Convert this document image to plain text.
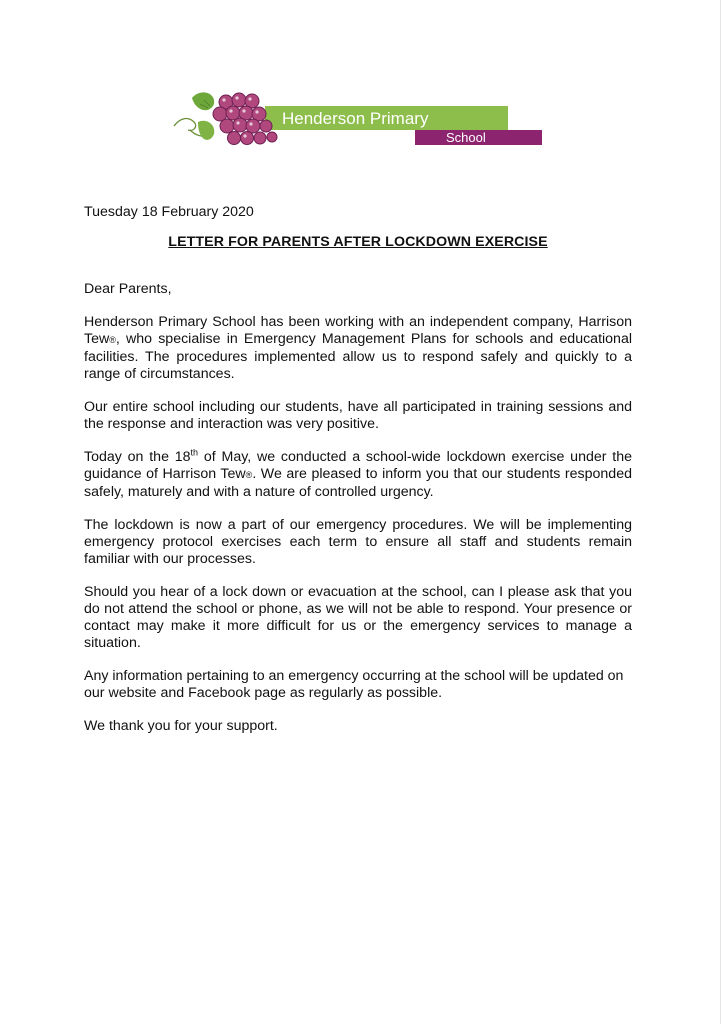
Henderson Primary
School
Tuesday 18 February 2020
LETTER FOR PARENTS AFTER LOCKDOWN EXERCISE
Dear Parents,

Henderson Primary School has been working with an independent company, Harrison Tew®, who specialise in Emergency Management Plans for schools and educational facilities. The procedures implemented allow us to respond safely and quickly to a range of circumstances.

Our entire school including our students, have all participated in training sessions and the response and interaction was very positive.

Today on the 18th of May, we conducted a school-wide lockdown exercise under the guidance of Harrison Tew®. We are pleased to inform you that our students responded safely, maturely and with a nature of controlled urgency.

The lockdown is now a part of our emergency procedures. We will be implementing emergency protocol exercises each term to ensure all staff and students remain familiar with our processes.

Should you hear of a lock down or evacuation at the school, can I please ask that you do not attend the school or phone, as we will not be able to respond. Your presence or contact may make it more difficult for us or the emergency services to manage a situation.

Any information pertaining to an emergency occurring at the school will be updated on our website and Facebook page as regularly as possible.

We thank you for your support.
